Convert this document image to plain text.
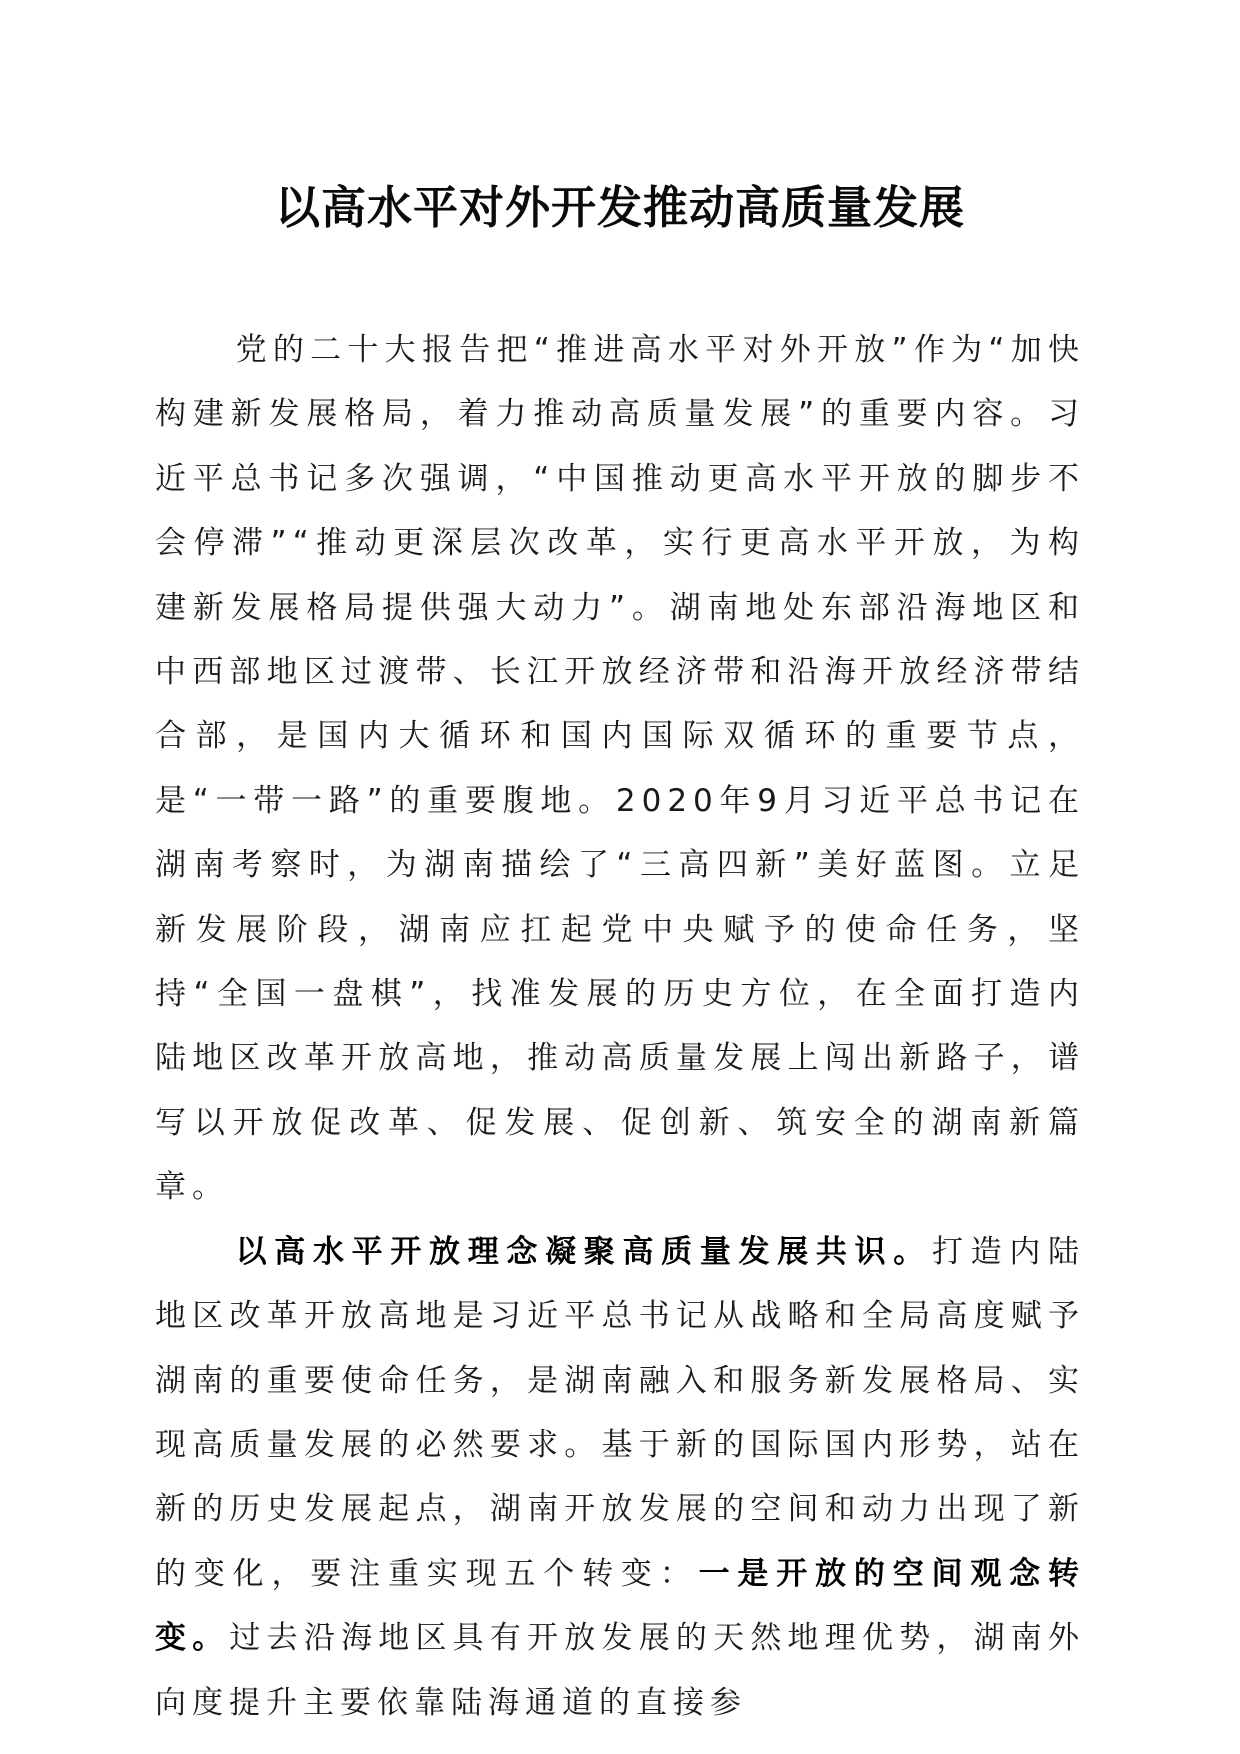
以高水平对外开发推动高质量发展

党的二十大报告把“推进高水平对外开放”作为“加快构建新发展格局，着力推动高质量发展”的重要内容。习近平总书记多次强调，“中国推动更高水平开放的脚步不会停滞”“推动更深层次改革，实行更高水平开放，为构建新发展格局提供强大动力”。湖南地处东部沿海地区和中西部地区过渡带、长江开放经济带和沿海开放经济带结合部，是国内大循环和国内国际双循环的重要节点，是“一带一路”的重要腹地。2020年9月习近平总书记在湖南考察时，为湖南描绘了“三高四新”美好蓝图。立足新发展阶段，湖南应扛起党中央赋予的使命任务，坚持“全国一盘棋”，找准发展的历史方位，在全面打造内陆地区改革开放高地，推动高质量发展上闯出新路子，谱写以开放促改革、促发展、促创新、筑安全的湖南新篇章。

以高水平开放理念凝聚高质量发展共识。打造内陆地区改革开放高地是习近平总书记从战略和全局高度赋予湖南的重要使命任务，是湖南融入和服务新发展格局、实现高质量发展的必然要求。基于新的国际国内形势，站在新的历史发展起点，湖南开放发展的空间和动力出现了新的变化，要注重实现五个转变：一是开放的空间观念转变。过去沿海地区具有开放发展的天然地理优势，湖南外向度提升主要依靠陆海通道的直接参
